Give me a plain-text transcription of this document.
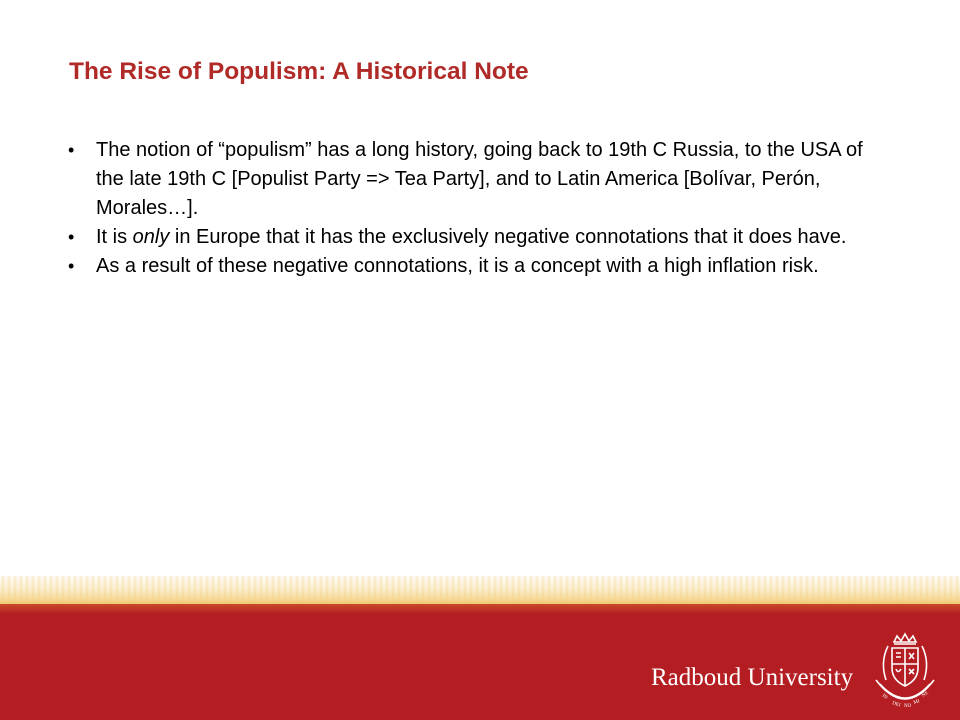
The Rise of Populism: A Historical Note
• The notion of “populism” has a long history, going back to 19th C Russia, to the USA of the late 19th C [Populist Party => Tea Party], and to Latin America [Bolívar, Perón, Morales…].
• It is only in Europe that it has the exclusively negative connotations that it does have.
• As a result of these negative connotations, it is a concept with a high inflation risk.
Radboud University
IN
DEI NO
MI
NE
